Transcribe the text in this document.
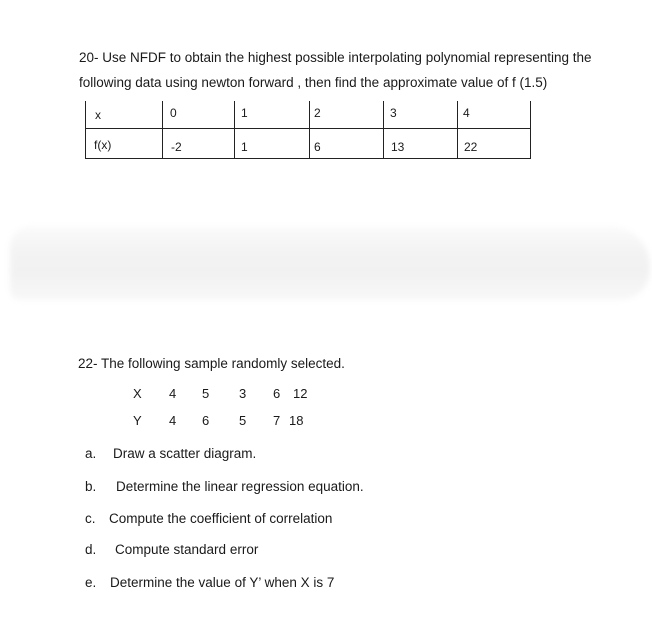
20- Use NFDF to obtain the highest possible interpolating polynomial representing the
following data using newton forward , then find the approximate value of f (1.5)
x	0	1	2	3	4
f(x)	-2	1	6	13	22
22- The following sample randomly selected.
X 4 5 3 6 12
Y 4 6 5 7 18
a. Draw a scatter diagram.
b. Determine the linear regression equation.
c. Compute the coefficient of correlation
d. Compute standard error
e. Determine the value of Y’ when X is 7
